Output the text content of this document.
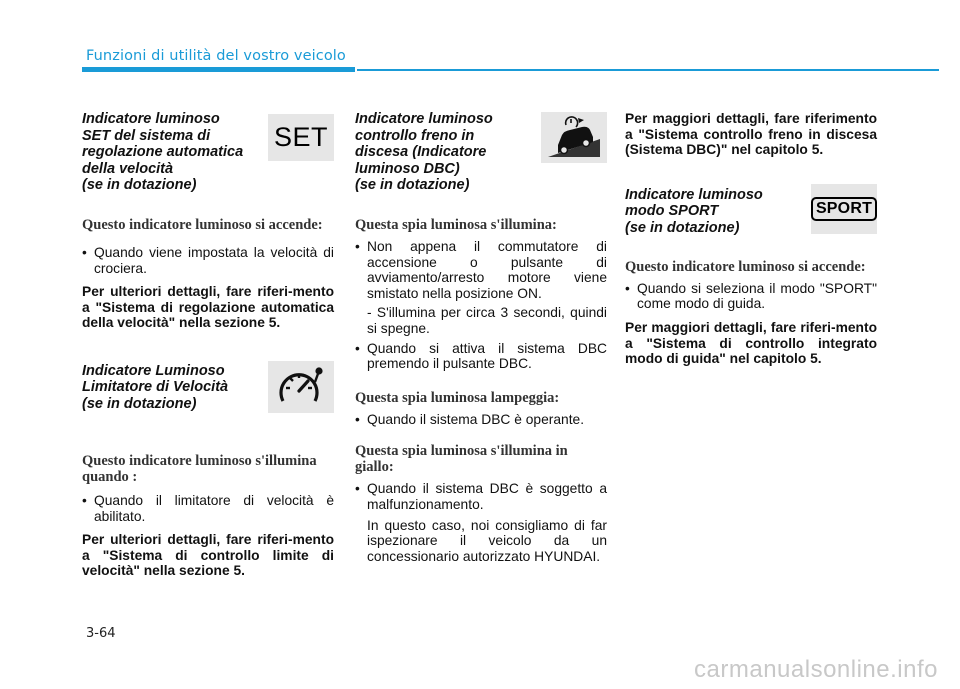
Funzioni di utilità del vostro veicolo

Indicatore luminoso
SET del sistema di
regolazione automatica
della velocità
(se in dotazione)

SET

Questo indicatore luminoso si accende:

• Quando viene impostata la velocità di crociera.

Per ulteriori dettagli, fare riferi-mento a "Sistema di regolazione automatica della velocità" nella sezione 5.

Indicatore Luminoso
Limitatore di Velocità
(se in dotazione)

Questo indicatore luminoso s'illumina quando :

• Quando il limitatore di velocità è abilitato.

Per ulteriori dettagli, fare riferi-mento a "Sistema di controllo limite di velocità" nella sezione 5.

Indicatore luminoso
controllo freno in
discesa (Indicatore
luminoso DBC)
(se in dotazione)

Questa spia luminosa s'illumina:

• Non appena il commutatore di accensione o pulsante di avviamento/arresto motore viene smistato nella posizione ON.

- S'illumina per circa 3 secondi, quindi si spegne.

• Quando si attiva il sistema DBC premendo il pulsante DBC.

Questa spia luminosa lampeggia:

• Quando il sistema DBC è operante.

Questa spia luminosa s'illumina in giallo:

• Quando il sistema DBC è soggetto a malfunzionamento.

In questo caso, noi consigliamo di far ispezionare il veicolo da un concessionario autorizzato HYUNDAI.

Per maggiori dettagli, fare riferimento a "Sistema controllo freno in discesa (Sistema DBC)" nel capitolo 5.

Indicatore luminoso
modo SPORT
(se in dotazione)

SPORT

Questo indicatore luminoso si accende:

• Quando si seleziona il modo "SPORT" come modo di guida.

Per maggiori dettagli, fare riferi-mento a "Sistema di controllo integrato modo di guida" nel capitolo 5.

3-64
carmanualsonline.info
